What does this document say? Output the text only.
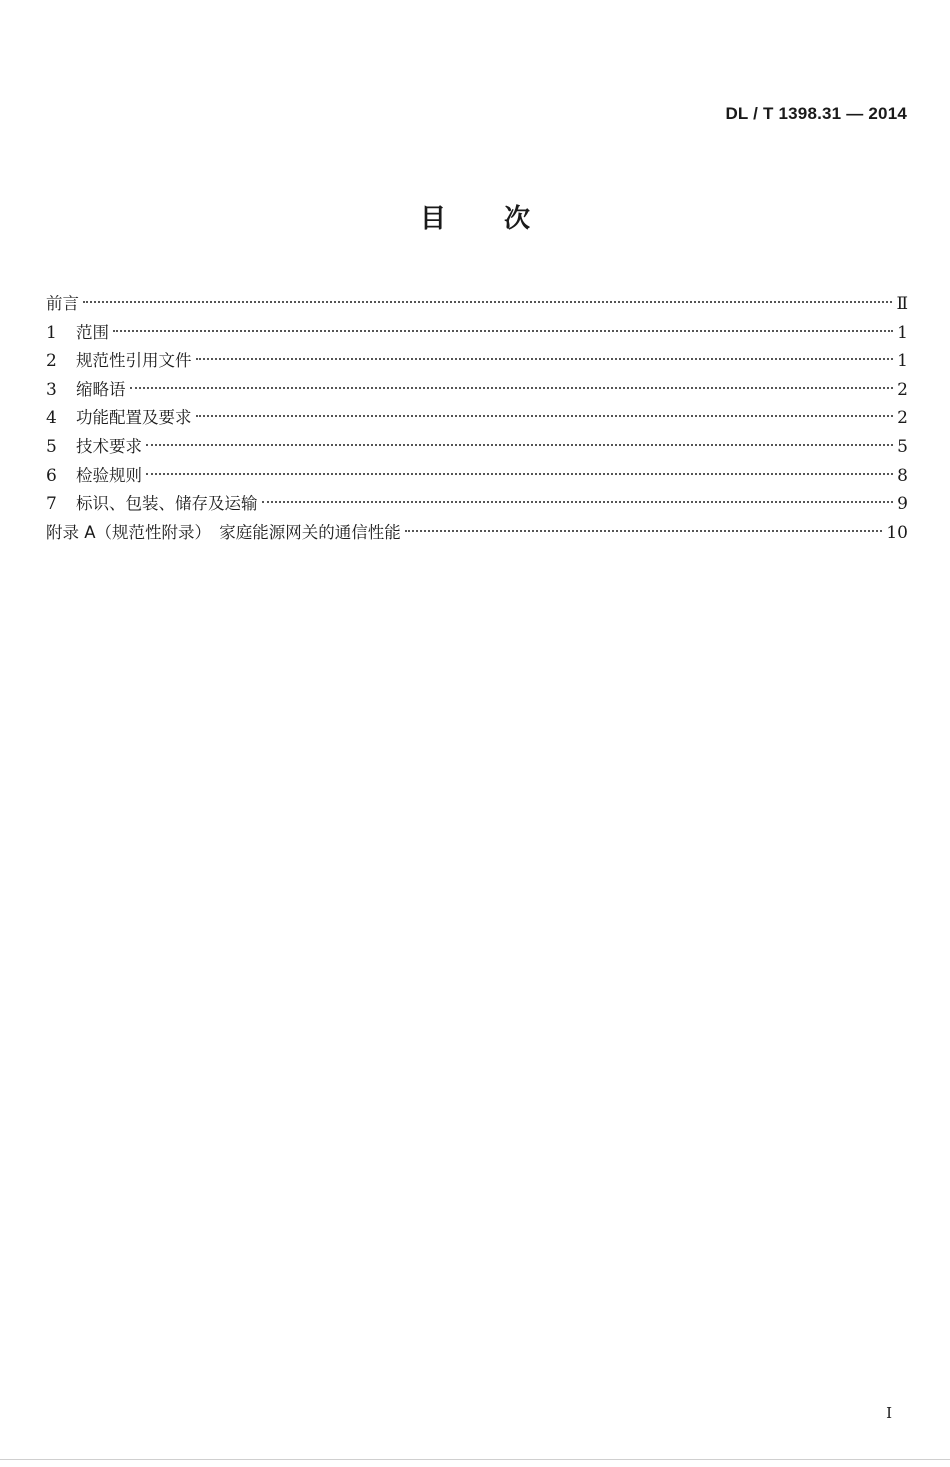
DL / T 1398.31 — 2014
目 次
前言	Ⅱ
1	范围	1
2	规范性引用文件	1
3	缩略语	2
4	功能配置及要求	2
5	技术要求	5
6	检验规则	8
7	标识、包装、储存及运输	9
附录 A（规范性附录）　家庭能源网关的通信性能	10
I
